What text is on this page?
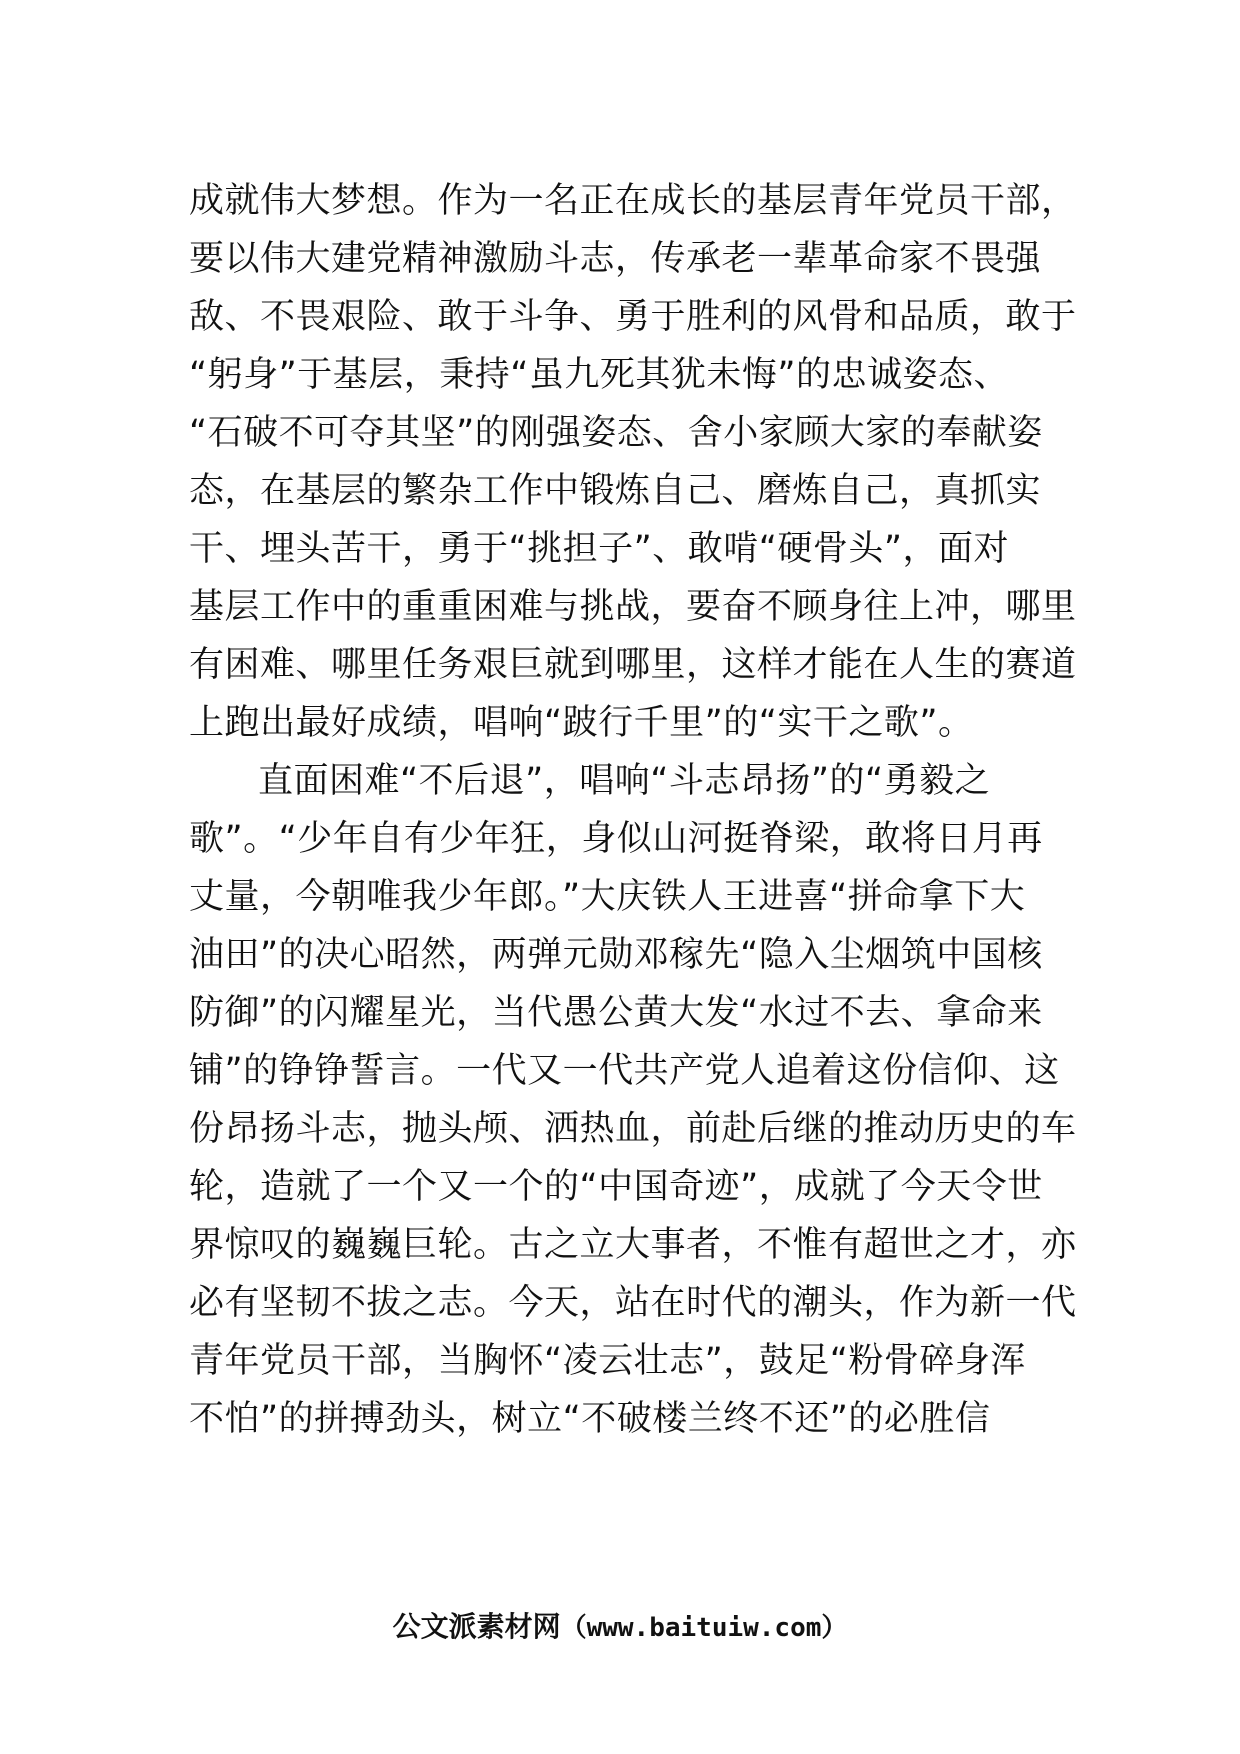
成就伟大梦想。作为一名正在成长的基层青年党员干部，
要以伟大建党精神激励斗志，传承老一辈革命家不畏强
敌、不畏艰险、敢于斗争、勇于胜利的风骨和品质，敢于
“躬身”于基层，秉持“虽九死其犹未悔”的忠诚姿态、
“石破不可夺其坚”的刚强姿态、舍小家顾大家的奉献姿
态，在基层的繁杂工作中锻炼自己、磨炼自己，真抓实
干、埋头苦干，勇于“挑担子”、敢啃“硬骨头”，面对
基层工作中的重重困难与挑战，要奋不顾身往上冲，哪里
有困难、哪里任务艰巨就到哪里，这样才能在人生的赛道
上跑出最好成绩，唱响“跛行千里”的“实干之歌”。
直面困难“不后退”，唱响“斗志昂扬”的“勇毅之
歌”。“少年自有少年狂，身似山河挺脊梁，敢将日月再
丈量，今朝唯我少年郎。”大庆铁人王进喜“拼命拿下大
油田”的决心昭然，两弹元勋邓稼先“隐入尘烟筑中国核
防御”的闪耀星光，当代愚公黄大发“水过不去、拿命来
铺”的铮铮誓言。一代又一代共产党人追着这份信仰、这
份昂扬斗志，抛头颅、洒热血，前赴后继的推动历史的车
轮，造就了一个又一个的“中国奇迹”，成就了今天令世
界惊叹的巍巍巨轮。古之立大事者，不惟有超世之才，亦
必有坚韧不拔之志。今天，站在时代的潮头，作为新一代
青年党员干部，当胸怀“凌云壮志”，鼓足“粉骨碎身浑
不怕”的拼搏劲头，树立“不破楼兰终不还”的必胜信
公文派素材网（www.baituiw.com）
